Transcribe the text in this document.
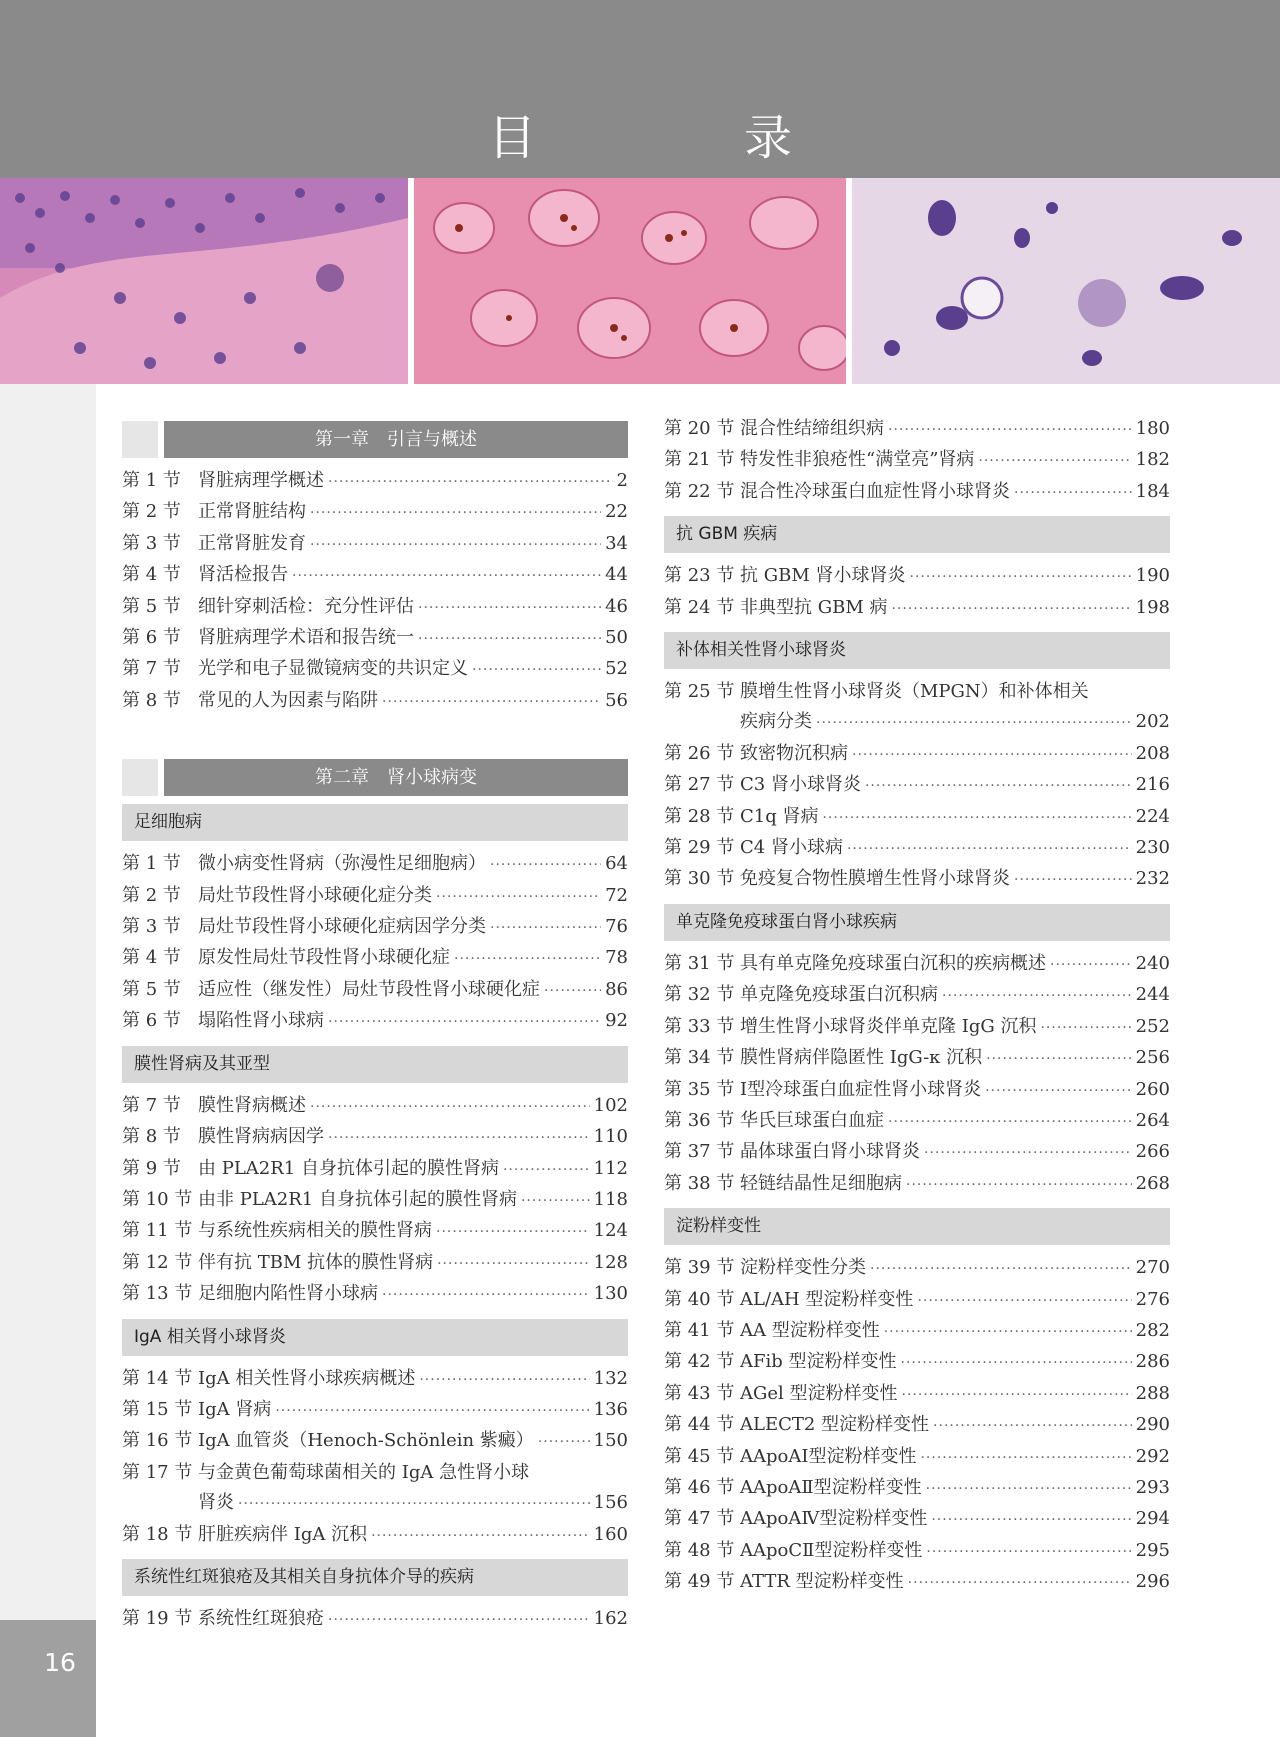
目　录
16
第一章　引言与概述
第 1 节 肾脏病理学概述 ·····	2
第 2 节 正常肾脏结构 ·····	22
第 3 节 正常肾脏发育 ·····	34
第 4 节 肾活检报告 ·····	44
第 5 节 细针穿刺活检：充分性评估 ·····	46
第 6 节 肾脏病理学术语和报告统一 ·····	50
第 7 节 光学和电子显微镜病变的共识定义 ·····	52
第 8 节 常见的人为因素与陷阱 ·····	56
第二章　肾小球病变
足细胞病
第 1 节 微小病变性肾病（弥漫性足细胞病） ·····	64
第 2 节 局灶节段性肾小球硬化症分类 ·····	72
第 3 节 局灶节段性肾小球硬化症病因学分类 ·····	76
第 4 节 原发性局灶节段性肾小球硬化症 ·····	78
第 5 节 适应性（继发性）局灶节段性肾小球硬化症 ·····	86
第 6 节 塌陷性肾小球病 ·····	92
膜性肾病及其亚型
第 7 节 膜性肾病概述 ·····	102
第 8 节 膜性肾病病因学 ·····	110
第 9 节 由 PLA2R1 自身抗体引起的膜性肾病 ·····	112
第 10 节 由非 PLA2R1 自身抗体引起的膜性肾病 ·····	118
第 11 节 与系统性疾病相关的膜性肾病 ·····	124
第 12 节 伴有抗 TBM 抗体的膜性肾病 ·····	128
第 13 节 足细胞内陷性肾小球病 ·····	130
IgA 相关肾小球肾炎
第 14 节 IgA 相关性肾小球疾病概述 ·····	132
第 15 节 IgA 肾病 ·····	136
第 16 节 IgA 血管炎（Henoch-Schönlein 紫癜） ·····	150
第 17 节 与金黄色葡萄球菌相关的 IgA 急性肾小球
肾炎 ·····	156
第 18 节 肝脏疾病伴 IgA 沉积 ·····	160
系统性红斑狼疮及其相关自身抗体介导的疾病
第 19 节 系统性红斑狼疮 ·····	162
第 20 节 混合性结缔组织病 ·····	180
第 21 节 特发性非狼疮性“满堂亮”肾病 ·····	182
第 22 节 混合性冷球蛋白血症性肾小球肾炎 ·····	184
抗 GBM 疾病
第 23 节 抗 GBM 肾小球肾炎 ·····	190
第 24 节 非典型抗 GBM 病 ·····	198
补体相关性肾小球肾炎
第 25 节 膜增生性肾小球肾炎（MPGN）和补体相关
疾病分类 ·····	202
第 26 节 致密物沉积病 ·····	208
第 27 节 C3 肾小球肾炎 ·····	216
第 28 节 C1q 肾病 ·····	224
第 29 节 C4 肾小球病 ·····	230
第 30 节 免疫复合物性膜增生性肾小球肾炎 ·····	232
单克隆免疫球蛋白肾小球疾病
第 31 节 具有单克隆免疫球蛋白沉积的疾病概述 ·····	240
第 32 节 单克隆免疫球蛋白沉积病 ·····	244
第 33 节 增生性肾小球肾炎伴单克隆 IgG 沉积 ·····	252
第 34 节 膜性肾病伴隐匿性 IgG-κ 沉积 ·····	256
第 35 节 Ⅰ型冷球蛋白血症性肾小球肾炎 ·····	260
第 36 节 华氏巨球蛋白血症 ·····	264
第 37 节 晶体球蛋白肾小球肾炎 ·····	266
第 38 节 轻链结晶性足细胞病 ·····	268
淀粉样变性
第 39 节 淀粉样变性分类 ·····	270
第 40 节 AL/AH 型淀粉样变性 ·····	276
第 41 节 AA 型淀粉样变性 ·····	282
第 42 节 AFib 型淀粉样变性 ·····	286
第 43 节 AGel 型淀粉样变性 ·····	288
第 44 节 ALECT2 型淀粉样变性 ·····	290
第 45 节 AApoAⅠ型淀粉样变性 ·····	292
第 46 节 AApoAⅡ型淀粉样变性 ·····	293
第 47 节 AApoAⅣ型淀粉样变性 ·····	294
第 48 节 AApoCⅡ型淀粉样变性 ·····	295
第 49 节 ATTR 型淀粉样变性 ·····	296
